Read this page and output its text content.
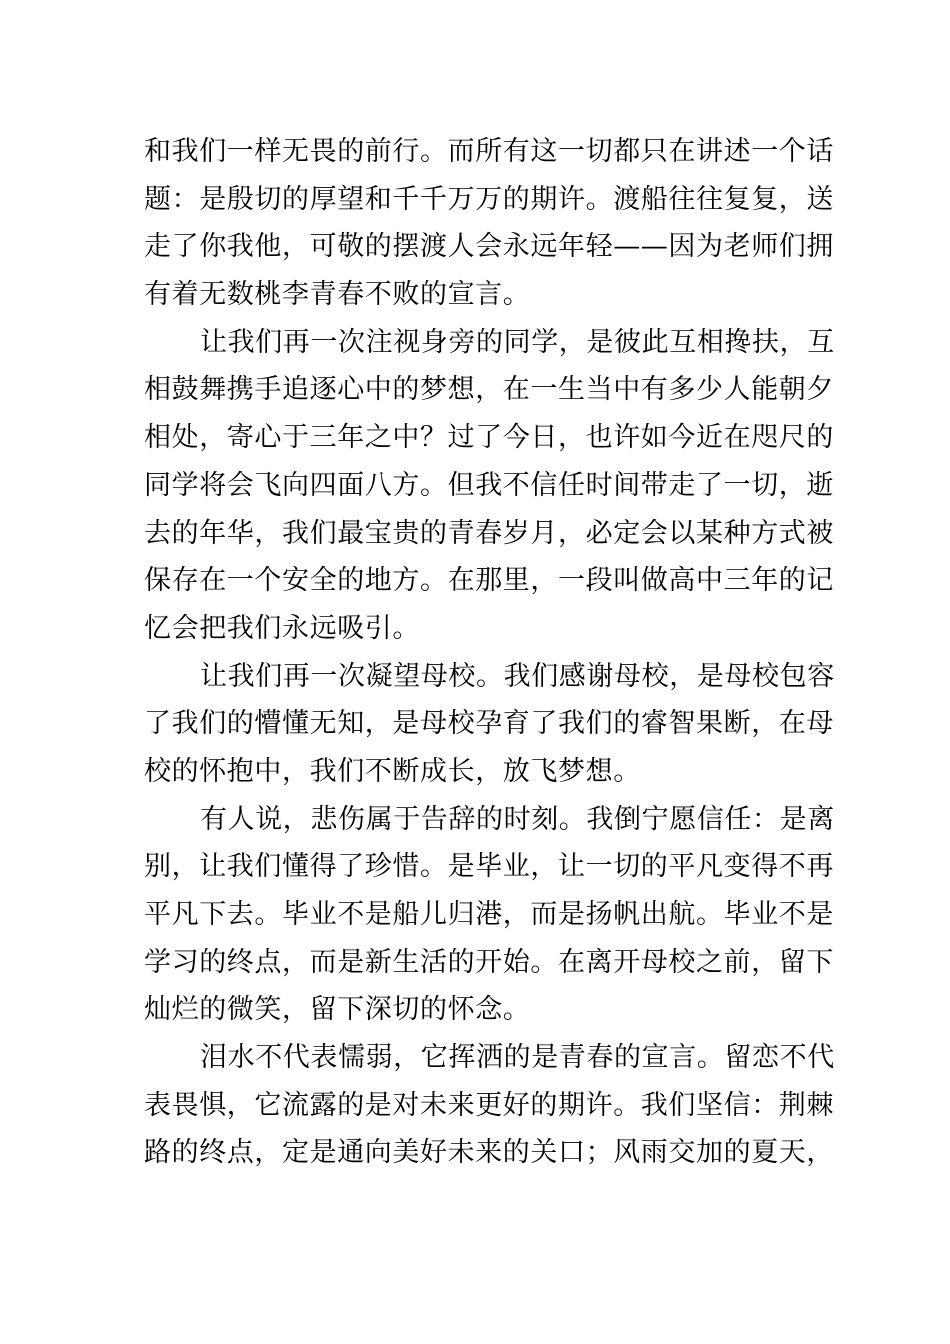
和我们一样无畏的前行。而所有这一切都只在讲述一个话
题：是殷切的厚望和千千万万的期许。渡船往往复复，送
走了你我他，可敬的摆渡人会永远年轻——因为老师们拥
有着无数桃李青春不败的宣言。
让我们再一次注视身旁的同学，是彼此互相搀扶，互
相鼓舞携手追逐心中的梦想，在一生当中有多少人能朝夕
相处，寄心于三年之中？过了今日，也许如今近在咫尺的
同学将会飞向四面八方。但我不信任时间带走了一切，逝
去的年华，我们最宝贵的青春岁月，必定会以某种方式被
保存在一个安全的地方。在那里，一段叫做高中三年的记
忆会把我们永远吸引。
让我们再一次凝望母校。我们感谢母校，是母校包容
了我们的懵懂无知，是母校孕育了我们的睿智果断，在母
校的怀抱中，我们不断成长，放飞梦想。
有人说，悲伤属于告辞的时刻。我倒宁愿信任：是离
别，让我们懂得了珍惜。是毕业，让一切的平凡变得不再
平凡下去。毕业不是船儿归港，而是扬帆出航。毕业不是
学习的终点，而是新生活的开始。在离开母校之前，留下
灿烂的微笑，留下深切的怀念。
泪水不代表懦弱，它挥洒的是青春的宣言。留恋不代
表畏惧，它流露的是对未来更好的期许。我们坚信：荆棘
路的终点，定是通向美好未来的关口；风雨交加的夏天，
